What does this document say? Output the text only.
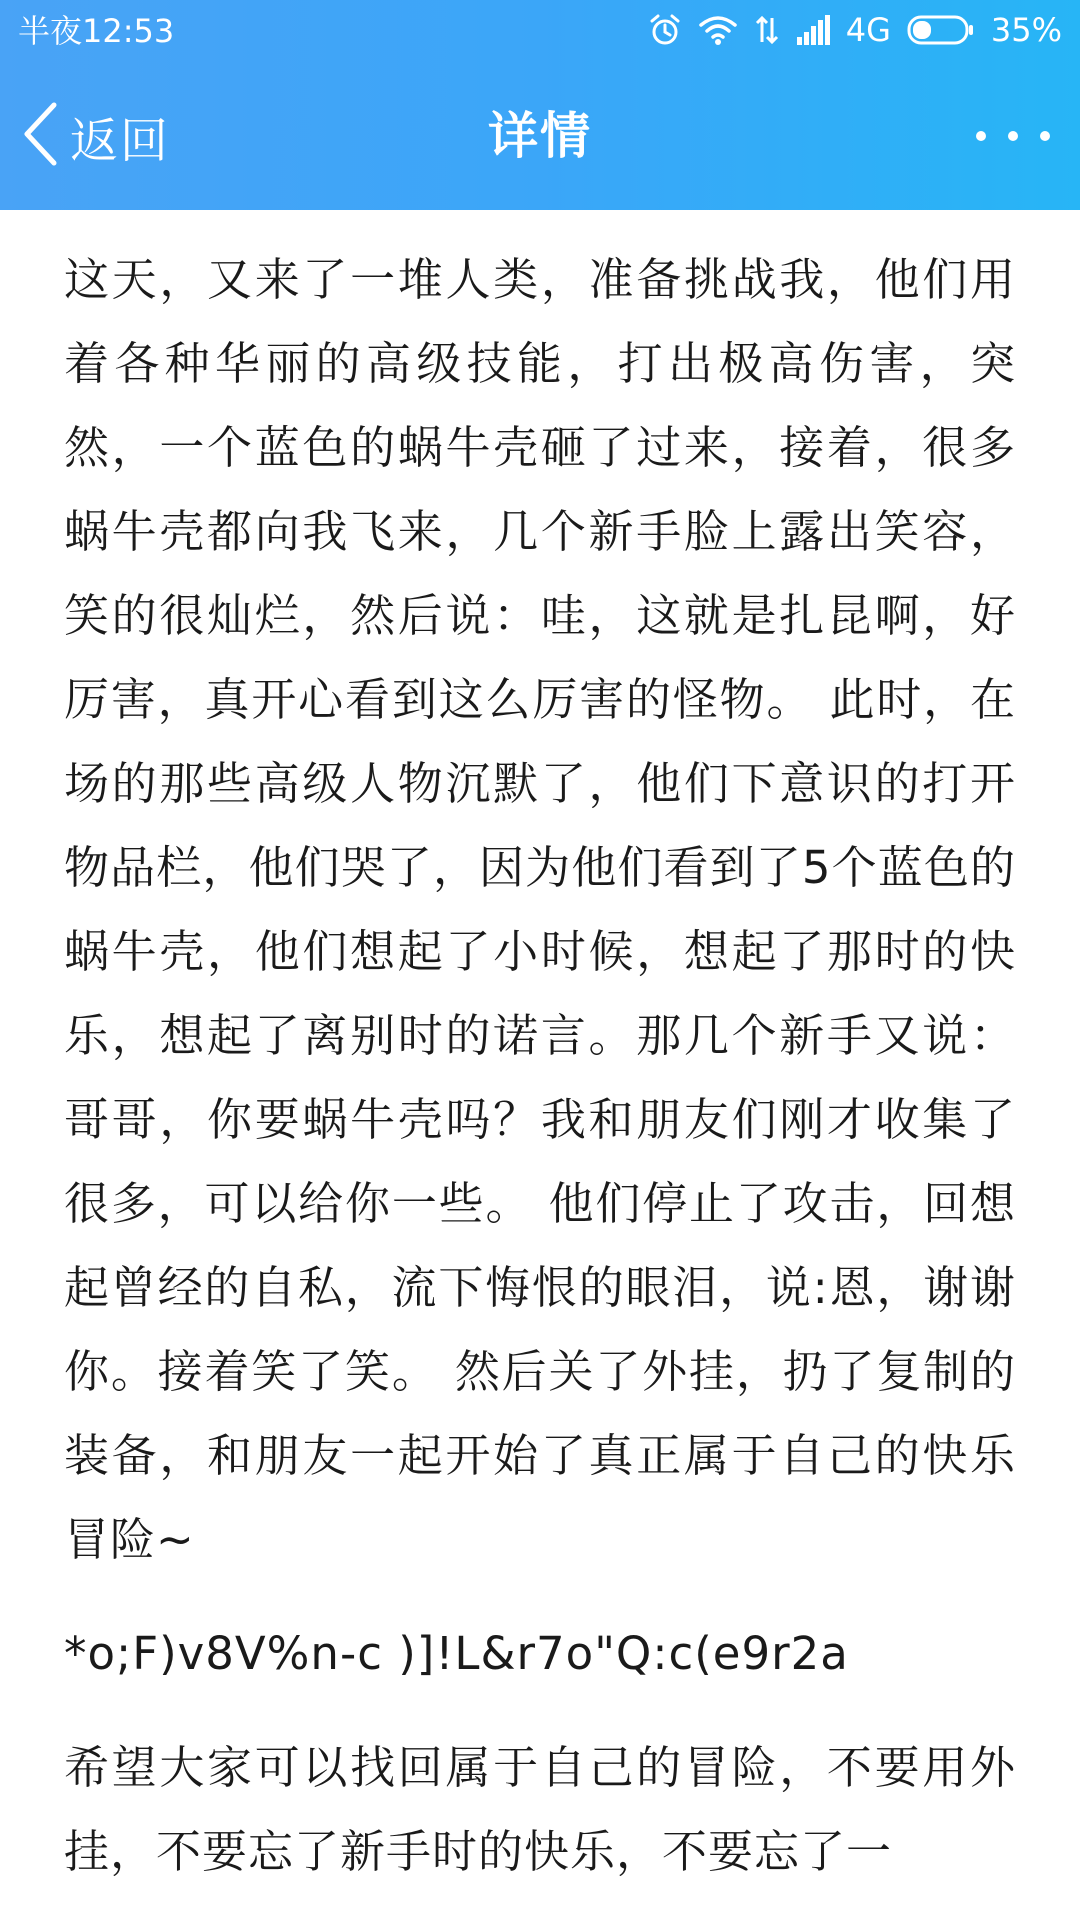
半夜12:53	4G	35%
返回	详情

这天，又来了一堆人类，准备挑战我，他们用着各种华丽的高级技能，打出极高伤害，突然，一个蓝色的蜗牛壳砸了过来，接着，很多蜗牛壳都向我飞来，几个新手脸上露出笑容，笑的很灿烂，然后说：哇，这就是扎昆啊，好厉害，真开心看到这么厉害的怪物。 此时，在场的那些高级人物沉默了，他们下意识的打开物品栏，他们哭了，因为他们看到了5个蓝色的蜗牛壳，他们想起了小时候，想起了那时的快乐，想起了离别时的诺言。那几个新手又说：哥哥，你要蜗牛壳吗？我和朋友们刚才收集了很多，可以给你一些。 他们停止了攻击，回想起曾经的自私，流下悔恨的眼泪，说:恩，谢谢你。接着笑了笑。 然后关了外挂，扔了复制的装备，和朋友一起开始了真正属于自己的快乐冒险~

*o;F)v8V%n-c )]!L&r7o"Q:c(e9r2a

希望大家可以找回属于自己的冒险，不要用外挂，不要忘了新手时的快乐，不要忘了一
